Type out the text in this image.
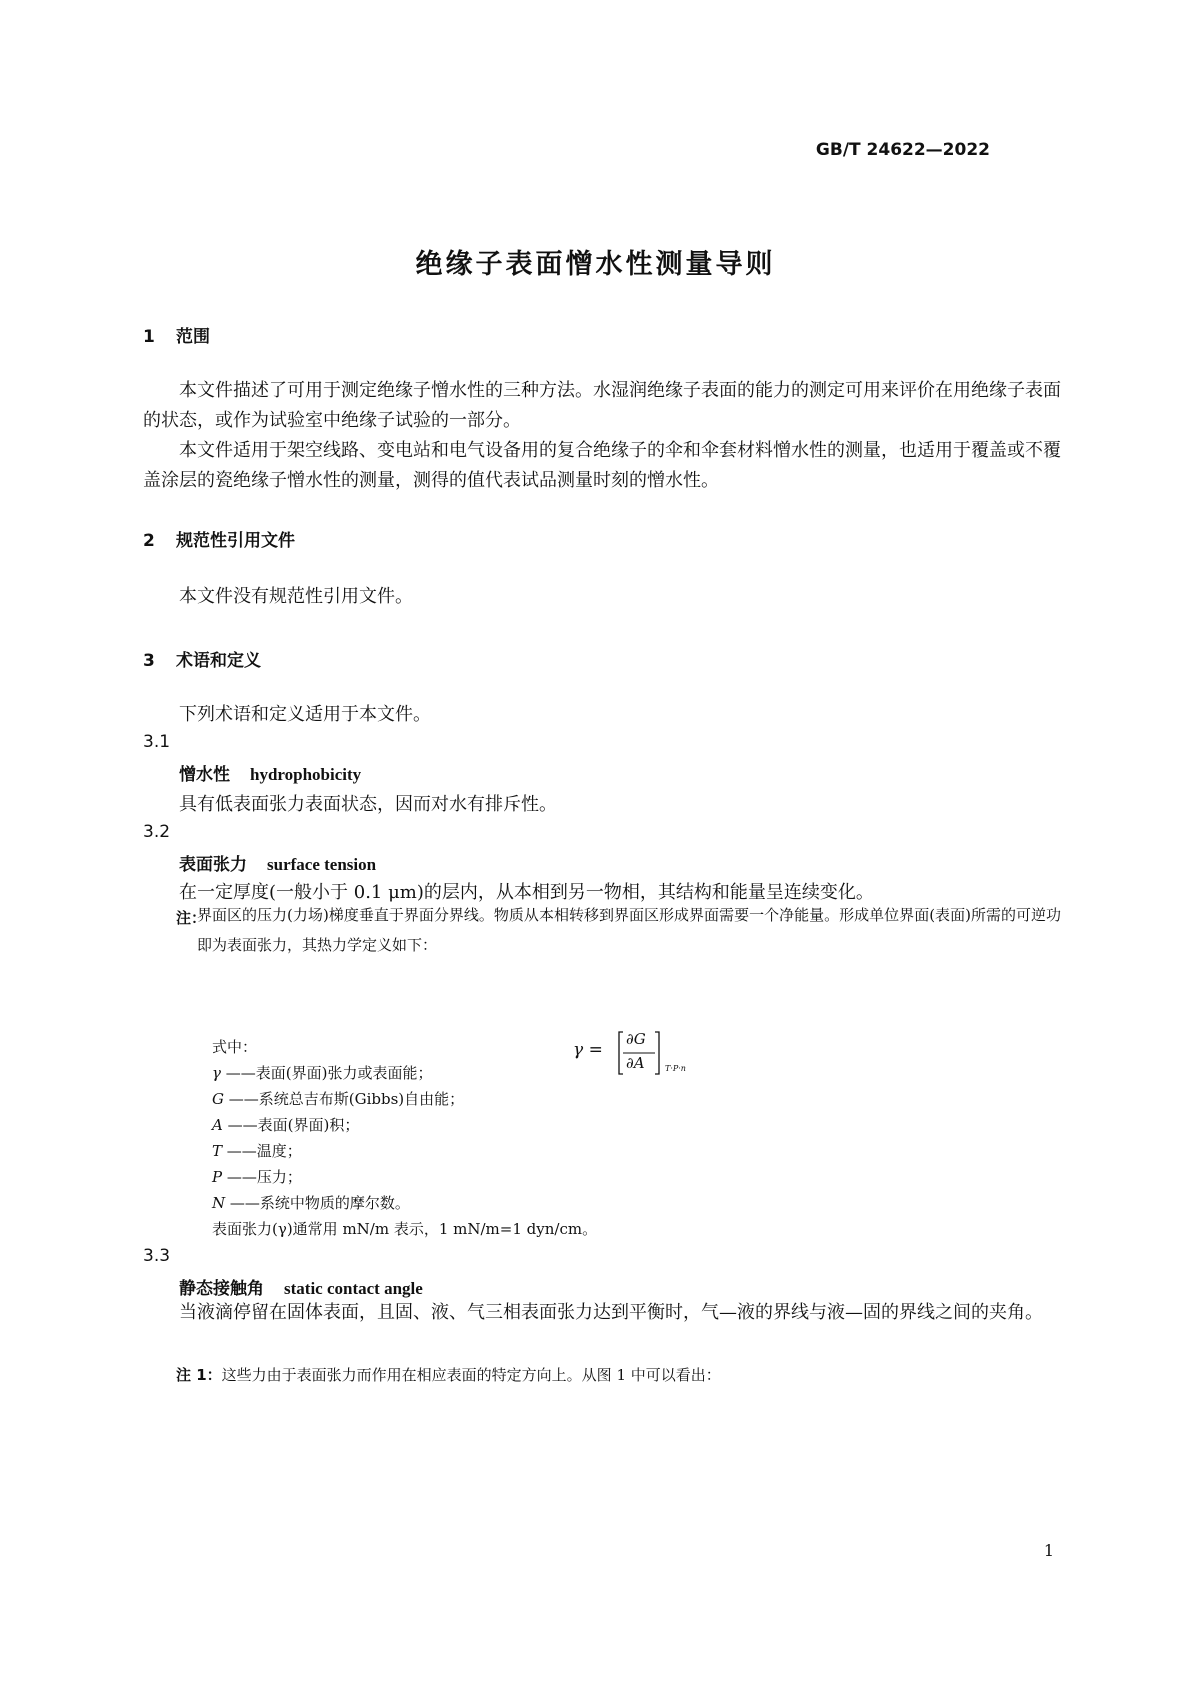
GB/T 24622—2022
绝缘子表面憎水性测量导则
1 范围
本文件描述了可用于测定绝缘子憎水性的三种方法。水湿润绝缘子表面的能力的测定可用来评价在用绝缘子表面的状态，或作为试验室中绝缘子试验的一部分。
本文件适用于架空线路、变电站和电气设备用的复合绝缘子的伞和伞套材料憎水性的测量，也适用于覆盖或不覆盖涂层的瓷绝缘子憎水性的测量，测得的值代表试品测量时刻的憎水性。
2 规范性引用文件
本文件没有规范性引用文件。
3 术语和定义
下列术语和定义适用于本文件。
3.1
憎水性 hydrophobicity
具有低表面张力表面状态，因而对水有排斥性。
3.2
表面张力 surface tension
在一定厚度(一般小于 0.1 μm)的层内，从本相到另一物相，其结构和能量呈连续变化。
注：
界面区的压力(力场)梯度垂直于界面分界线。物质从本相转移到界面区形成界面需要一个净能量。形成单位界面(表面)所需的可逆功即为表面张力，其热力学定义如下：
γ =
∂G
∂A	T·P·n
式中：
γ ——表面(界面)张力或表面能；
G ——系统总吉布斯(Gibbs)自由能；
A ——表面(界面)积；
T ——温度；
P ——压力；
N ——系统中物质的摩尔数。
表面张力(γ)通常用 mN/m 表示，1 mN/m=1 dyn/cm。
3.3
静态接触角 static contact angle
当液滴停留在固体表面，且固、液、气三相表面张力达到平衡时，气—液的界线与液—固的界线之间的夹角。
注 1：这些力由于表面张力而作用在相应表面的特定方向上。从图 1 中可以看出：
1
